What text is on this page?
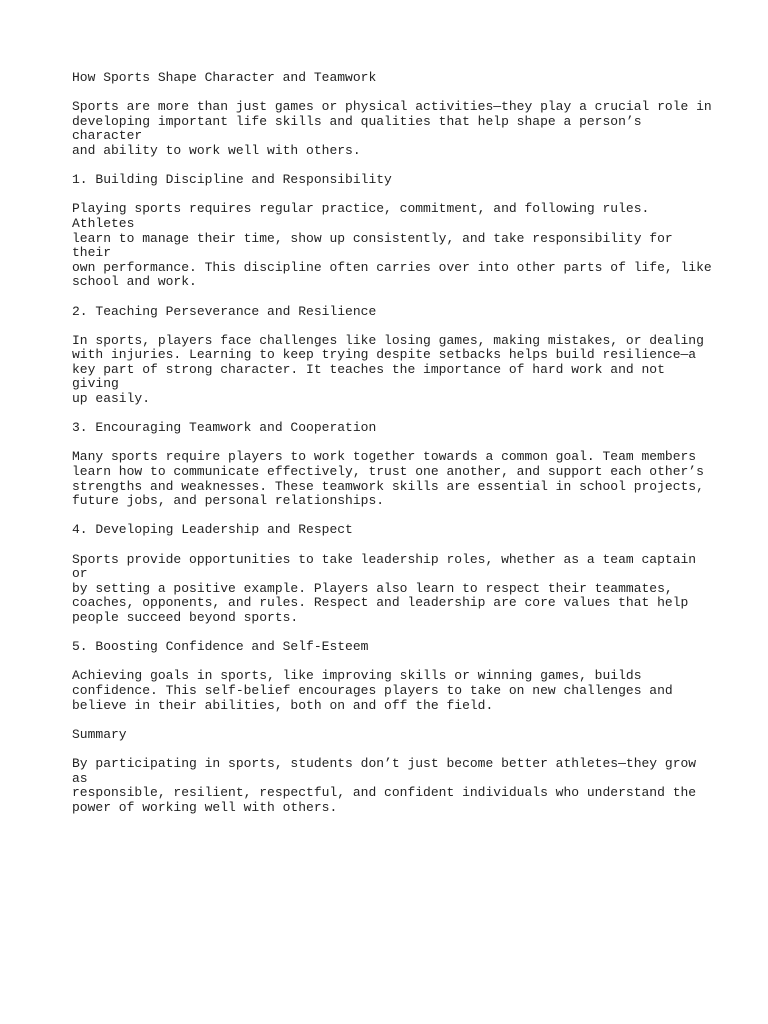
How Sports Shape Character and Teamwork
Sports are more than just games or physical activities—they play a crucial role in
developing important life skills and qualities that help shape a person’s character
and ability to work well with others.
1. Building Discipline and Responsibility
Playing sports requires regular practice, commitment, and following rules. Athletes
learn to manage their time, show up consistently, and take responsibility for their
own performance. This discipline often carries over into other parts of life, like
school and work.
2. Teaching Perseverance and Resilience
In sports, players face challenges like losing games, making mistakes, or dealing
with injuries. Learning to keep trying despite setbacks helps build resilience—a
key part of strong character. It teaches the importance of hard work and not giving
up easily.
3. Encouraging Teamwork and Cooperation
Many sports require players to work together towards a common goal. Team members
learn how to communicate effectively, trust one another, and support each other’s
strengths and weaknesses. These teamwork skills are essential in school projects,
future jobs, and personal relationships.
4. Developing Leadership and Respect
Sports provide opportunities to take leadership roles, whether as a team captain or
by setting a positive example. Players also learn to respect their teammates,
coaches, opponents, and rules. Respect and leadership are core values that help
people succeed beyond sports.
5. Boosting Confidence and Self-Esteem
Achieving goals in sports, like improving skills or winning games, builds
confidence. This self-belief encourages players to take on new challenges and
believe in their abilities, both on and off the field.
Summary
By participating in sports, students don’t just become better athletes—they grow as
responsible, resilient, respectful, and confident individuals who understand the
power of working well with others.
